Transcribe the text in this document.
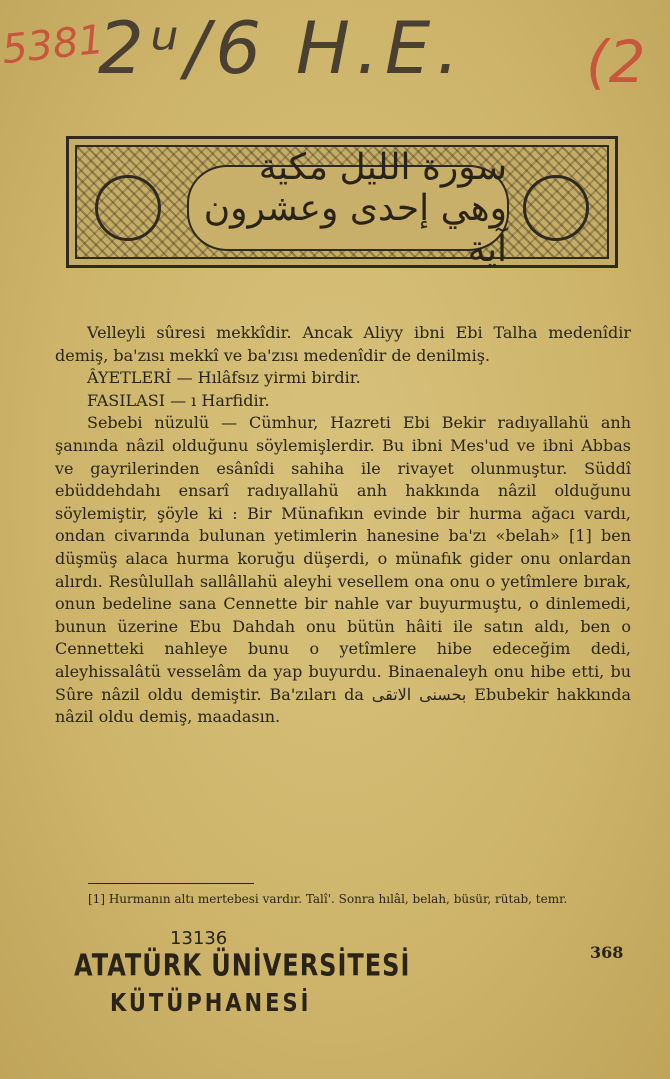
5381
2ᵘ/6 H.E. (2
سورة الليل مكية وهي إحدى وعشرون آية

Velleyli sûresi mekkîdir. Ancak Aliyy ibni Ebi Talha medenîdir demiş, ba'zısı mekkî ve ba'zısı medenîdir de denilmiş.

ÂYETLERİ — Hılâfsız yirmi birdir.

FASILASI — ı Harfidir.

Sebebi nüzulü — Cümhur, Hazreti Ebi Bekir radıyallahü anh şanında nâzil olduğunu söylemişlerdir. Bu ibni Mes'ud ve ibni Abbas ve gayrilerinden esânîdi sahiha ile rivayet olunmuştur. Süddî ebüddehdahı ensarî radıyallahü anh hakkında nâzil olduğunu söylemiştir, şöyle ki : Bir Münafıkın evinde bir hurma ağacı vardı, ondan civarında bulunan yetimlerin hanesine ba'zı «belah» [1] ben düşmüş alaca hurma koruğu düşerdi, o münafık gider onu onlardan alırdı. Resûlullah sallâllahü aleyhi vesellem ona onu o yetîmlere bırak, onun bedeline sana Cennette bir nahle var buyurmuştu, o dinlemedi, bunun üzerine Ebu Dahdah onu bütün hâiti ile satın aldı, ben o Cennetteki nahleye bunu o yetîmlere hibe edeceğim dedi, aleyhissalâtü vesselâm da yap buyurdu. Binaenaleyh onu hibe etti, bu Sûre nâzil oldu demiştir. Ba'zıları da بحسنى الاتقى Ebubekir hakkında nâzil oldu demiş, maadasın.

[1] Hurmanın altı mertebesi vardır. Talî'. Sonra hılâl, belah, büsür, rütab, temr.
13136
ATATÜRK ÜNİVERSİTESİ
KÜTÜPHANESİ
368
